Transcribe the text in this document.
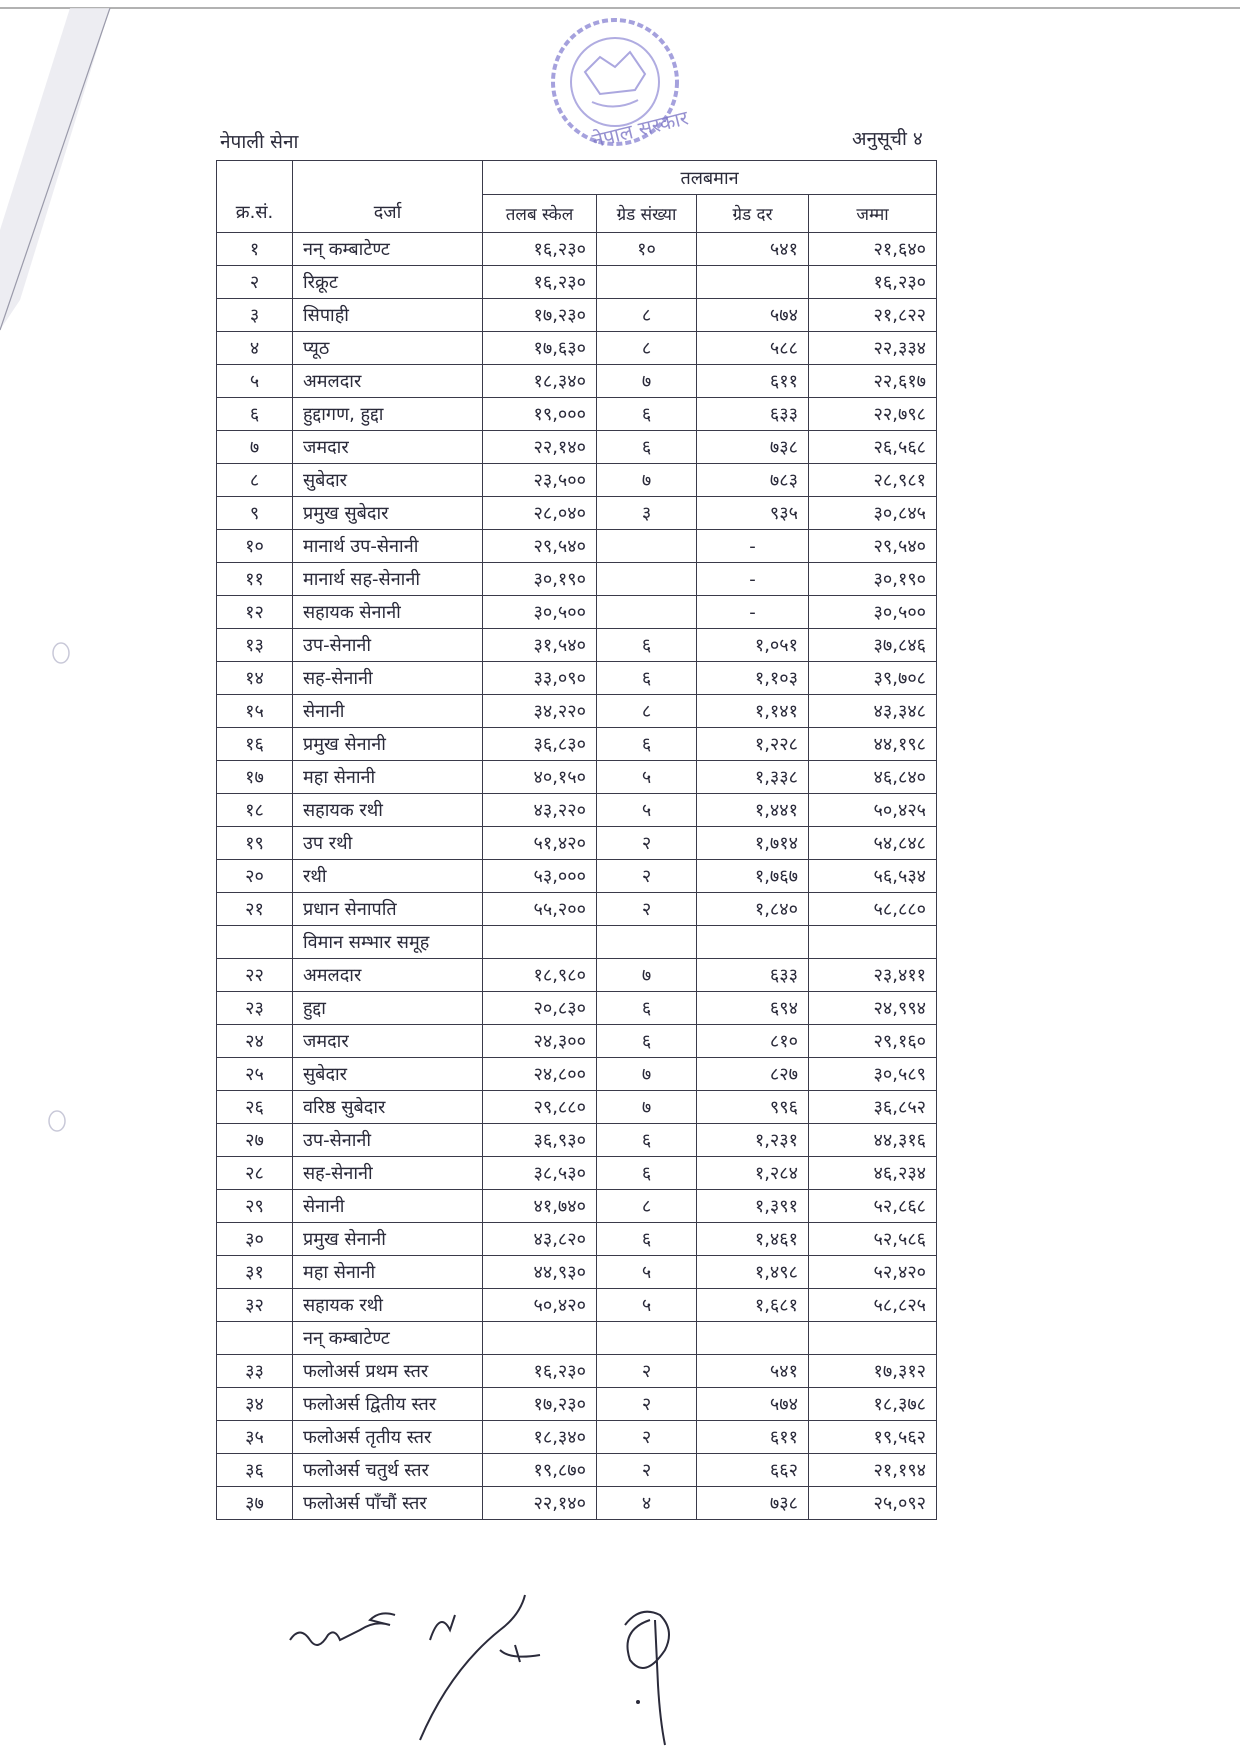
नेपाल सरकार
नेपाली सेना	अनुसूची ४
क्र.सं.	दर्जा	तलबमान			
		तलब स्केल	ग्रेड संख्या	ग्रेड दर	जम्मा
१	नन् कम्बाटेण्ट	१६,२३०	१०	५४१	२१,६४०
२	रिक्रूट	१६,२३०			१६,२३०
३	सिपाही	१७,२३०	८	५७४	२१,८२२
४	प्यूठ	१७,६३०	८	५८८	२२,३३४
५	अमलदार	१८,३४०	७	६११	२२,६१७
६	हुद्दागण, हुद्दा	१९,०००	६	६३३	२२,७९८
७	जमदार	२२,१४०	६	७३८	२६,५६८
८	सुबेदार	२३,५००	७	७८३	२८,९८१
९	प्रमुख सुबेदार	२८,०४०	३	९३५	३०,८४५
१०	मानार्थ उप-सेनानी	२९,५४०		-	२९,५४०
११	मानार्थ सह-सेनानी	३०,१९०		-	३०,१९०
१२	सहायक सेनानी	३०,५००		-	३०,५००
१३	उप-सेनानी	३१,५४०	६	१,०५१	३७,८४६
१४	सह-सेनानी	३३,०९०	६	१,१०३	३९,७०८
१५	सेनानी	३४,२२०	८	१,१४१	४३,३४८
१६	प्रमुख सेनानी	३६,८३०	६	१,२२८	४४,१९८
१७	महा सेनानी	४०,१५०	५	१,३३८	४६,८४०
१८	सहायक रथी	४३,२२०	५	१,४४१	५०,४२५
१९	उप रथी	५१,४२०	२	१,७१४	५४,८४८
२०	रथी	५३,०००	२	१,७६७	५६,५३४
२१	प्रधान सेनापति	५५,२००	२	१,८४०	५८,८८०
	विमान सम्भार समूह				
२२	अमलदार	१८,९८०	७	६३३	२३,४११
२३	हुद्दा	२०,८३०	६	६९४	२४,९९४
२४	जमदार	२४,३००	६	८१०	२९,१६०
२५	सुबेदार	२४,८००	७	८२७	३०,५८९
२६	वरिष्ठ सुबेदार	२९,८८०	७	९९६	३६,८५२
२७	उप-सेनानी	३६,९३०	६	१,२३१	४४,३१६
२८	सह-सेनानी	३८,५३०	६	१,२८४	४६,२३४
२९	सेनानी	४१,७४०	८	१,३९१	५२,८६८
३०	प्रमुख सेनानी	४३,८२०	६	१,४६१	५२,५८६
३१	महा सेनानी	४४,९३०	५	१,४९८	५२,४२०
३२	सहायक रथी	५०,४२०	५	१,६८१	५८,८२५
	नन् कम्बाटेण्ट				
३३	फलोअर्स प्रथम स्तर	१६,२३०	२	५४१	१७,३१२
३४	फलोअर्स द्वितीय स्तर	१७,२३०	२	५७४	१८,३७८
३५	फलोअर्स तृतीय स्तर	१८,३४०	२	६११	१९,५६२
३६	फलोअर्स चतुर्थ स्तर	१९,८७०	२	६६२	२१,१९४
३७	फलोअर्स पाँचौं स्तर	२२,१४०	४	७३८	२५,०९२
